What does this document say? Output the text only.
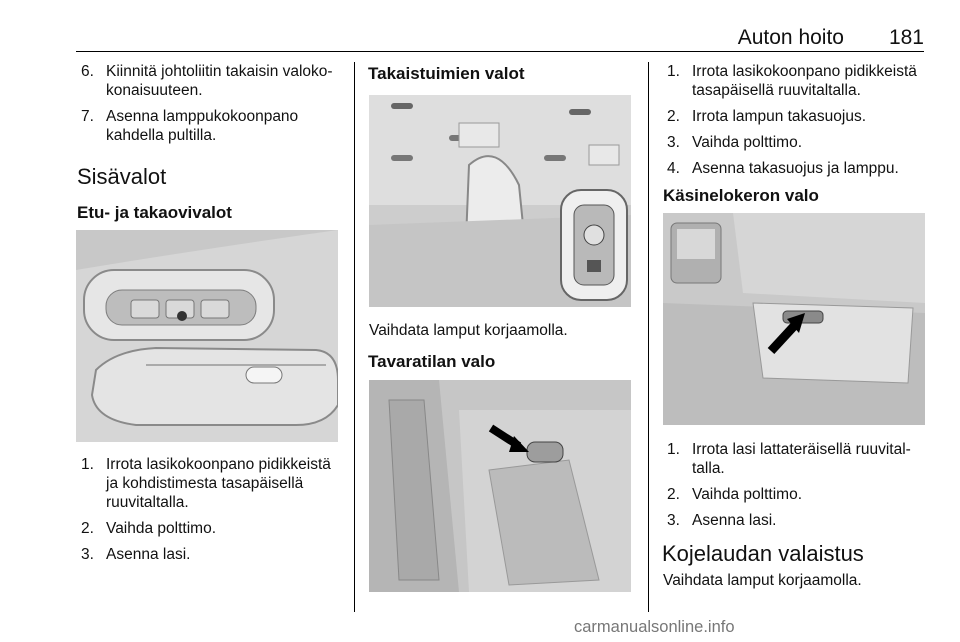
Auton hoito 181
6. Kiinnitä johtoliitin takaisin valoko-konaisuuteen.
7. Asenna lamppukokoonpano kahdella pultilla.
Sisävalot
Etu- ja takaovivalot
1. Irrota lasikokoonpano pidikkeistä ja kohdistimesta tasapäisellä ruuvitaltalla.
2. Vaihda polttimo.
3. Asenna lasi.
Takaistuimien valot

Vaihdata lamput korjaamolla.

Tavaratilan valo
1. Irrota lasikokoonpano pidikkeistä tasapäisellä ruuvitaltalla.
2. Irrota lampun takasuojus.
3. Vaihda polttimo.
4. Asenna takasuojus ja lamppu.
Käsinelokeron valo
1. Irrota lasi lattateräisellä ruuvital-talla.
2. Vaihda polttimo.
3. Asenna lasi.
Kojelaudan valaistus

Vaihdata lamput korjaamolla.

carmanualsonline.info
